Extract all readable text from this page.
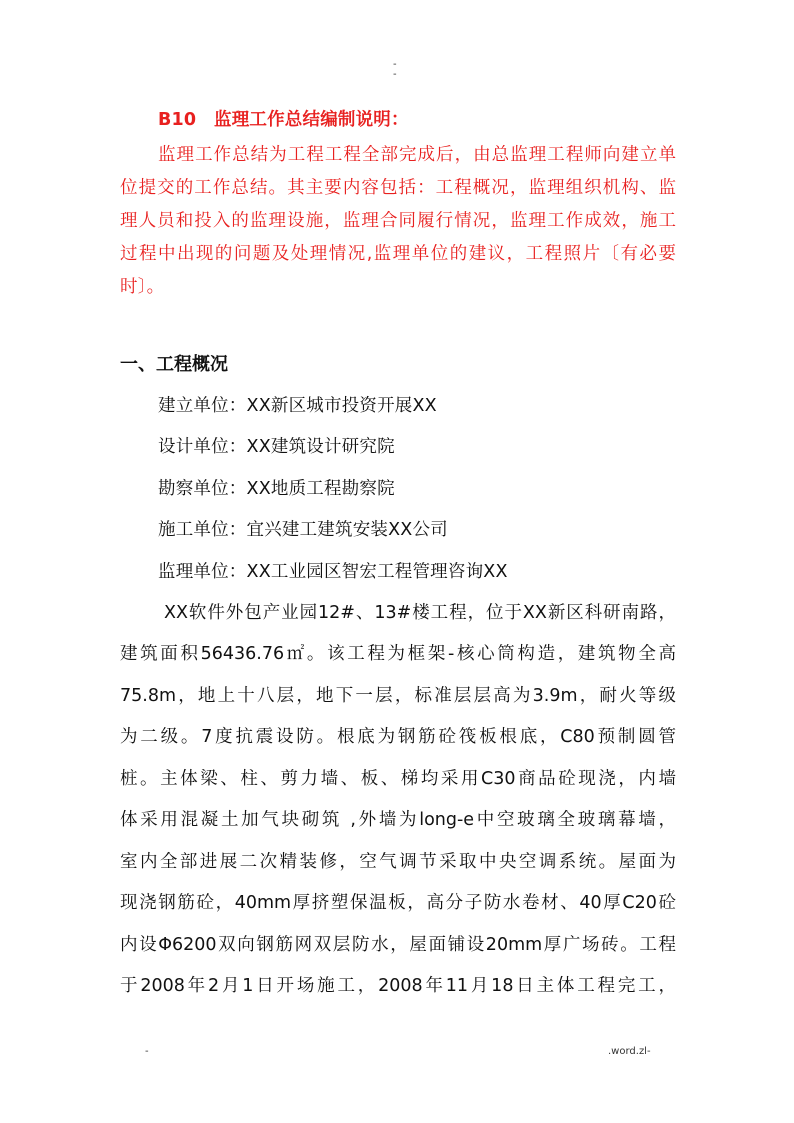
-
-
B10　监理工作总结编制说明：
监理工作总结为工程工程全部完成后，由总监理工程师向建立单
位提交的工作总结。其主要内容包括：工程概况，监理组织机构、监
理人员和投入的监理设施，监理合同履行情况，监理工作成效，施工
过程中出现的问题及处理情况,监理单位的建议，工程照片〔有必要
时〕。
一、工程概况
建立单位：XX新区城市投资开展XX
设计单位：XX建筑设计研究院
勘察单位：XX地质工程勘察院
施工单位：宜兴建工建筑安装XX公司
监理单位：XX工业园区智宏工程管理咨询XX
XX软件外包产业园12#、13#楼工程，位于XX新区科研南路，
建筑面积56436.76㎡。该工程为框架-核心筒构造，建筑物全高
75.8m，地上十八层，地下一层，标准层层高为3.9m，耐火等级
为二级。7度抗震设防。根底为钢筋砼筏板根底，C80预制圆管
桩。主体梁、柱、剪力墙、板、梯均采用C30商品砼现浇，内墙
体采用混凝土加气块砌筑 ,外墙为long-e中空玻璃全玻璃幕墙，
室内全部进展二次精装修，空气调节采取中央空调系统。屋面为
现浇钢筋砼，40mm厚挤塑保温板，高分子防水卷材、40厚C20砼
内设Φ6200双向钢筋网双层防水，屋面铺设20mm厚广场砖。工程
于2008年2月1日开场施工，2008年11月18日主体工程完工，
-	.word.zl-
